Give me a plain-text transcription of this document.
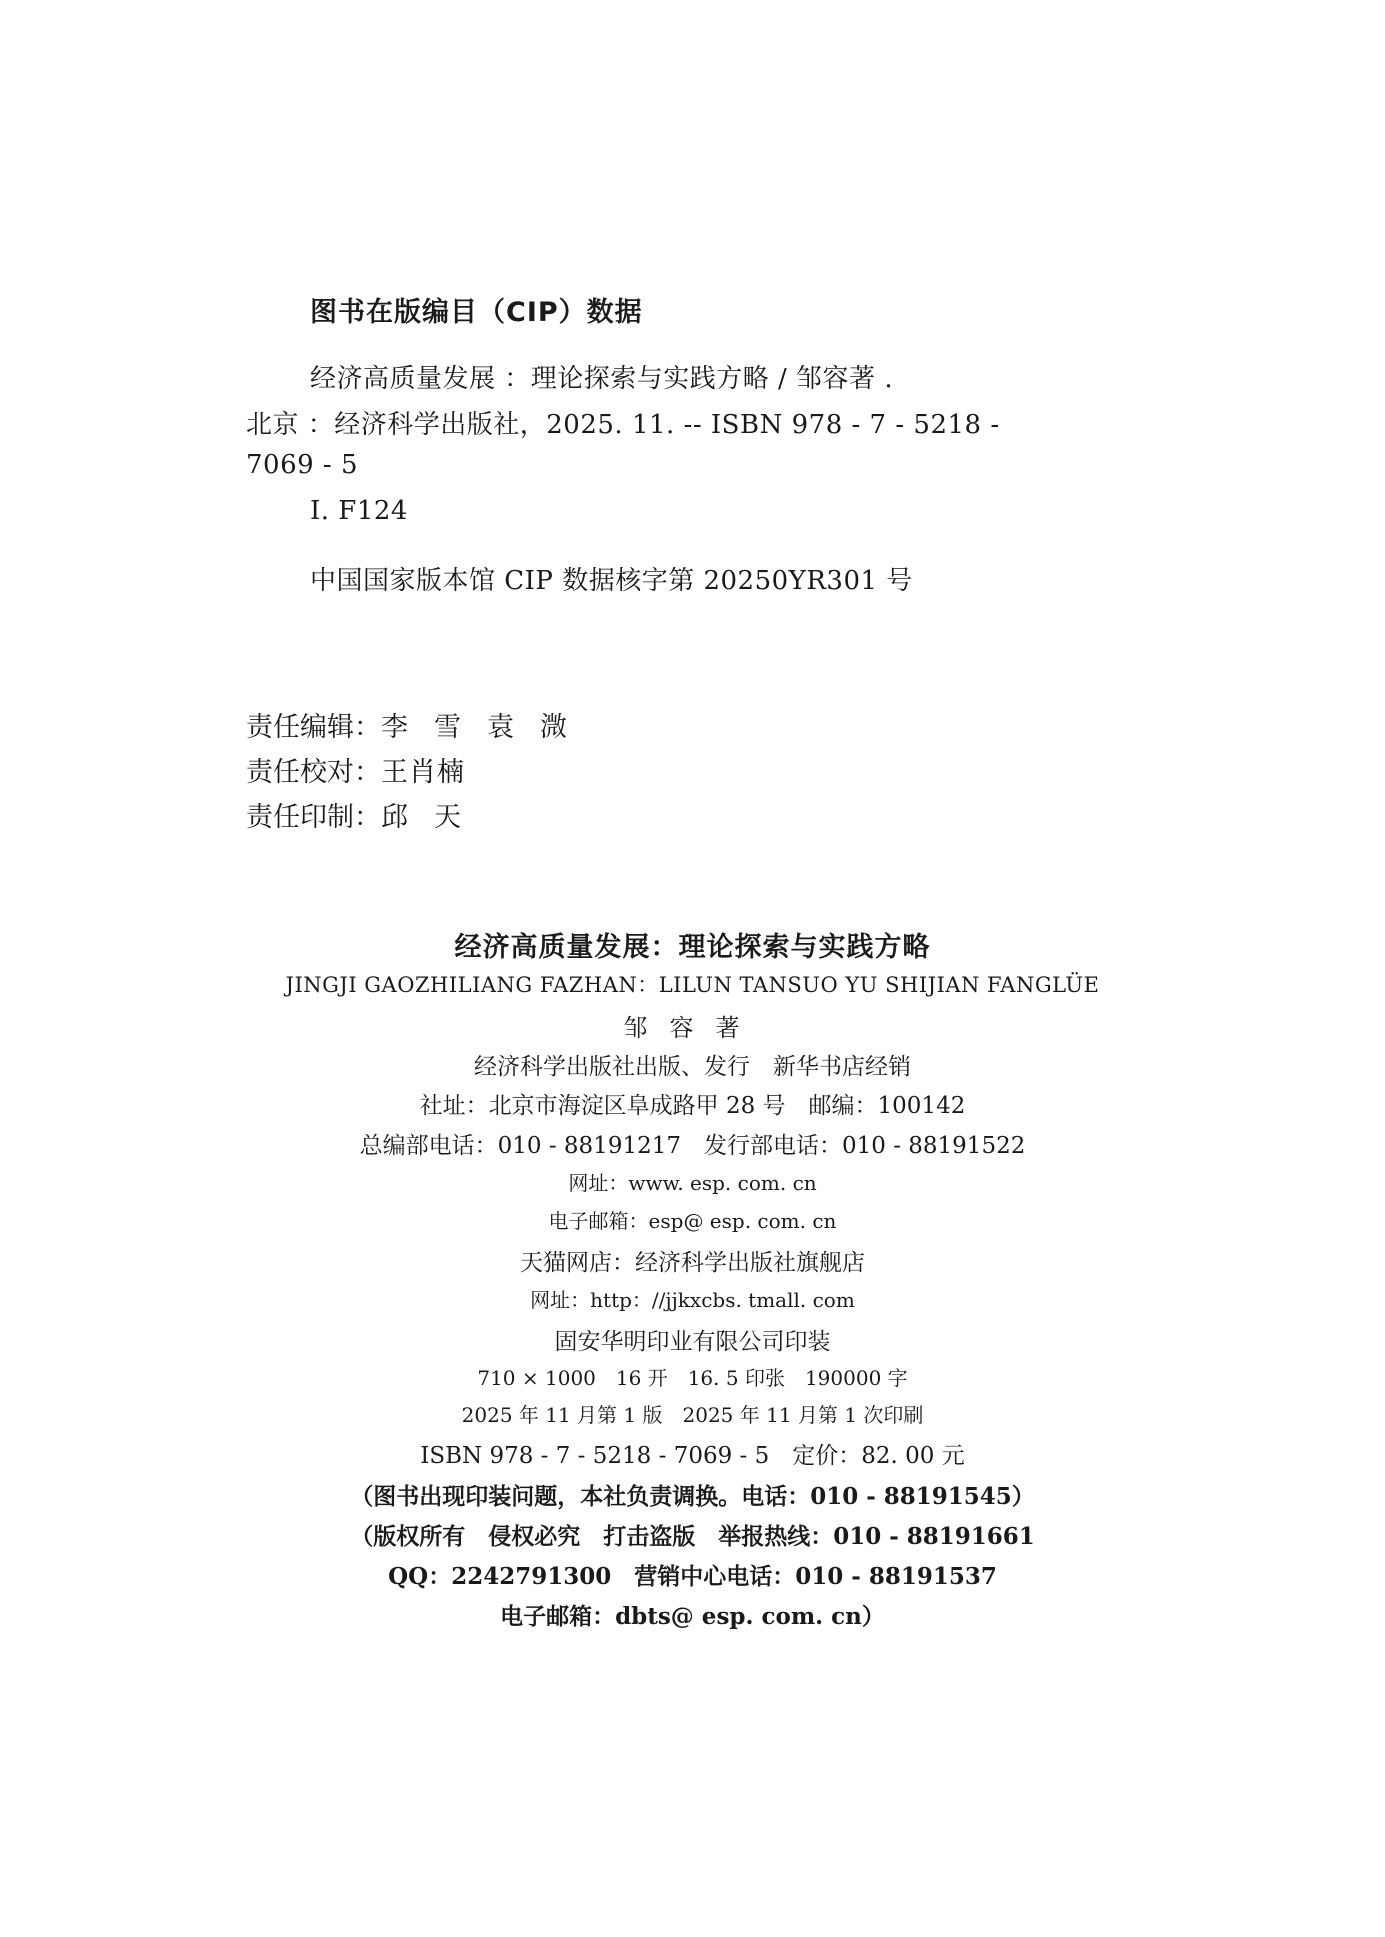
图书在版编目（CIP）数据
经济高质量发展 ：理论探索与实践方略 / 邹容著 .
北京 ：经济科学出版社，2025. 11. -- ISBN 978 - 7 - 5218 -
7069 - 5
Ⅰ. F124
中国国家版本馆 CIP 数据核字第 20250YR301 号
责任编辑：李雪袁溦
责任校对：王肖楠
责任印制：邱天
经济高质量发展：理论探索与实践方略
JINGJI GAOZHILIANG FAZHAN：LILUN TANSUO YU SHIJIAN FANGLÜE
邹容著
经济科学出版社出版、发行　新华书店经销
社址：北京市海淀区阜成路甲 28 号　邮编：100142
总编部电话：010 - 88191217　发行部电话：010 - 88191522
网址：www. esp. com. cn
电子邮箱：esp@ esp. com. cn
天猫网店：经济科学出版社旗舰店
网址：http：//jjkxcbs. tmall. com
固安华明印业有限公司印装
710 × 1000　16 开　16. 5 印张　190000 字
2025 年 11 月第 1 版　2025 年 11 月第 1 次印刷
ISBN 978 - 7 - 5218 - 7069 - 5　定价：82. 00 元
（图书出现印装问题，本社负责调换。电话：010 - 88191545）
（版权所有　侵权必究　打击盗版　举报热线：010 - 88191661
QQ：2242791300　营销中心电话：010 - 88191537
电子邮箱：dbts@ esp. com. cn）
